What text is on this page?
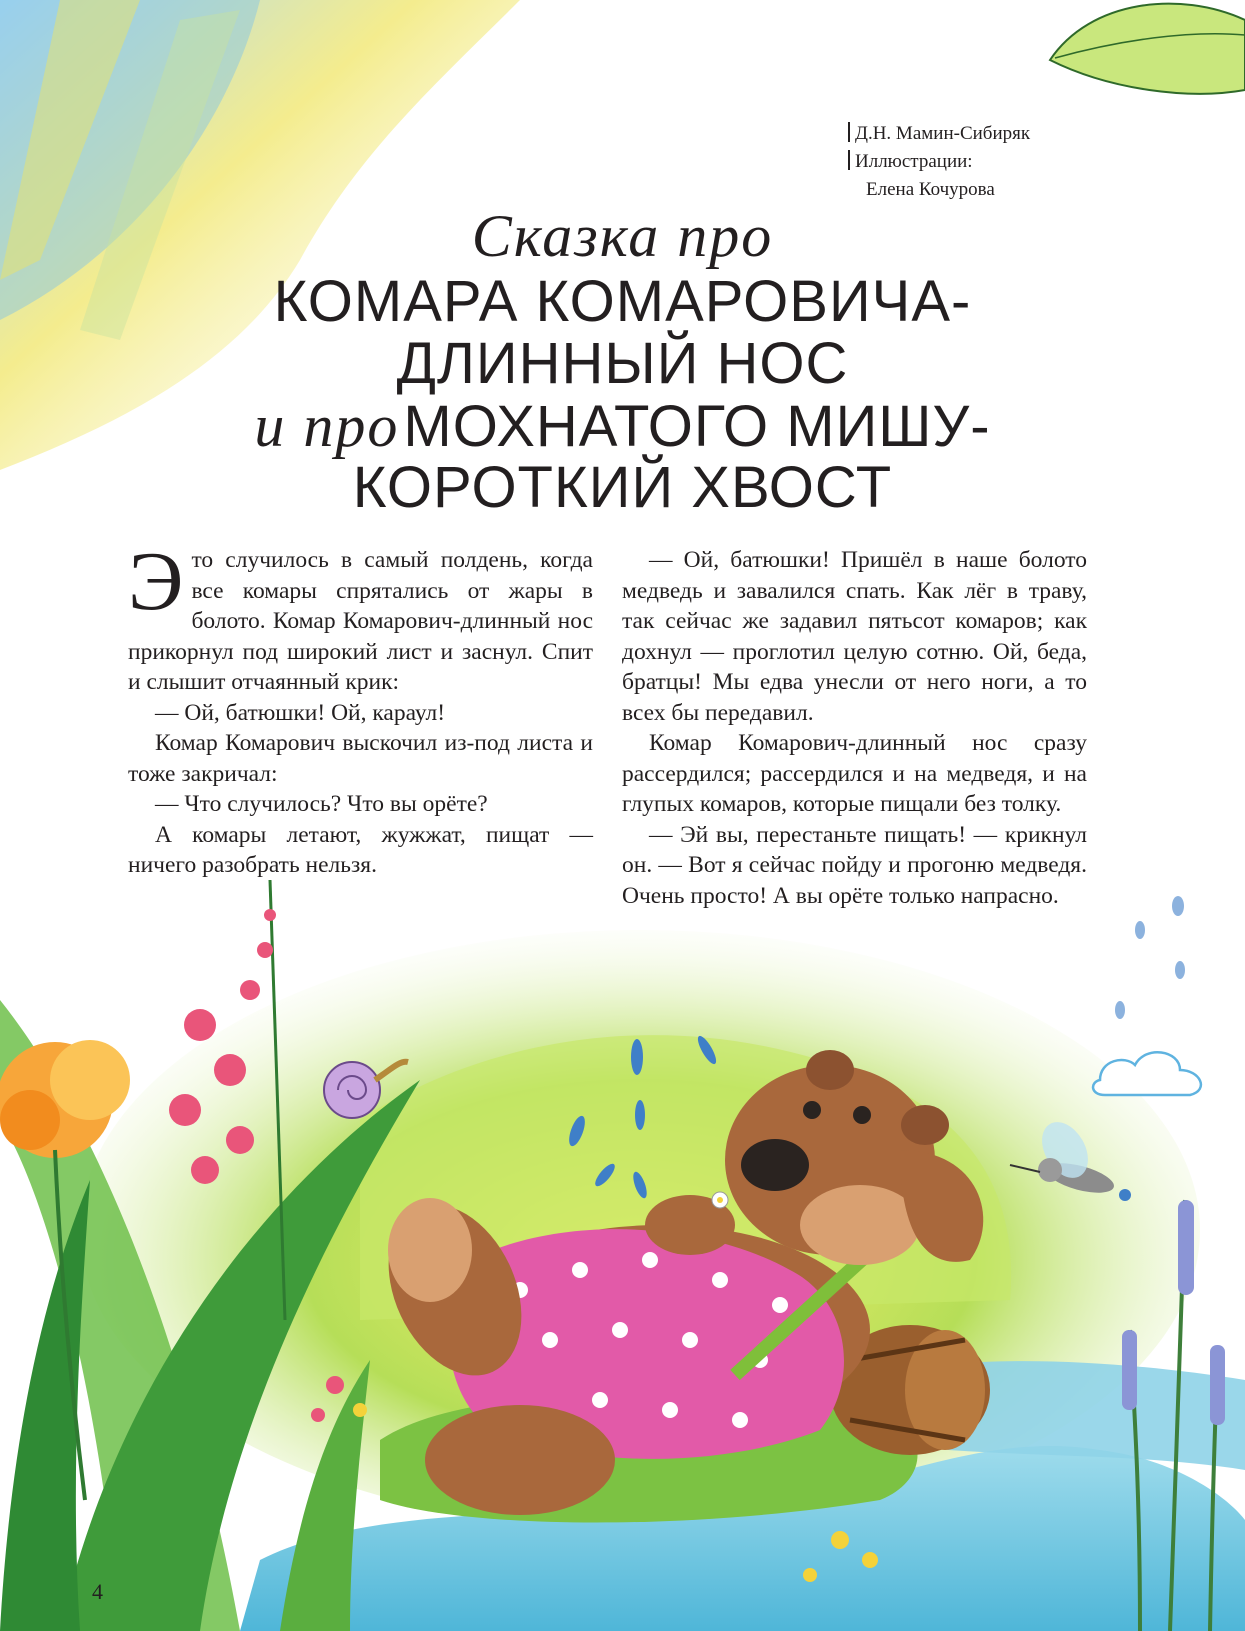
Д.Н. Мамин-Сибиряк
Иллюстрации:
Елена Кочурова
Сказка про
КОМАРА КОМАРОВИЧА-
ДЛИННЫЙ НОС
и про МОХНАТОГО МИШУ-
КОРОТКИЙ ХВОСТ

Это случилось в самый полдень, когда все комары спрятались от жары в болото. Комар Комарович-длинный нос прикорнул под широкий лист и заснул. Спит и слышит отчаянный крик:

— Ой, батюшки! Ой, караул!

Комар Комарович выскочил из-под листа и тоже закричал:

— Что случилось? Что вы орёте?

А комары летают, жужжат, пищат — ничего разобрать нельзя.

— Ой, батюшки! Пришёл в наше болото медведь и завалился спать. Как лёг в траву, так сейчас же задавил пятьсот комаров; как дохнул — проглотил целую сотню. Ой, беда, братцы! Мы едва унесли от него ноги, а то всех бы передавил.

Комар Комарович-длинный нос сразу рассердился; рассердился и на медведя, и на глупых комаров, которые пищали без толку.

— Эй вы, перестаньте пищать! — крикнул он. — Вот я сейчас пойду и прогоню медведя. Очень просто! А вы орёте только напрасно.

4
